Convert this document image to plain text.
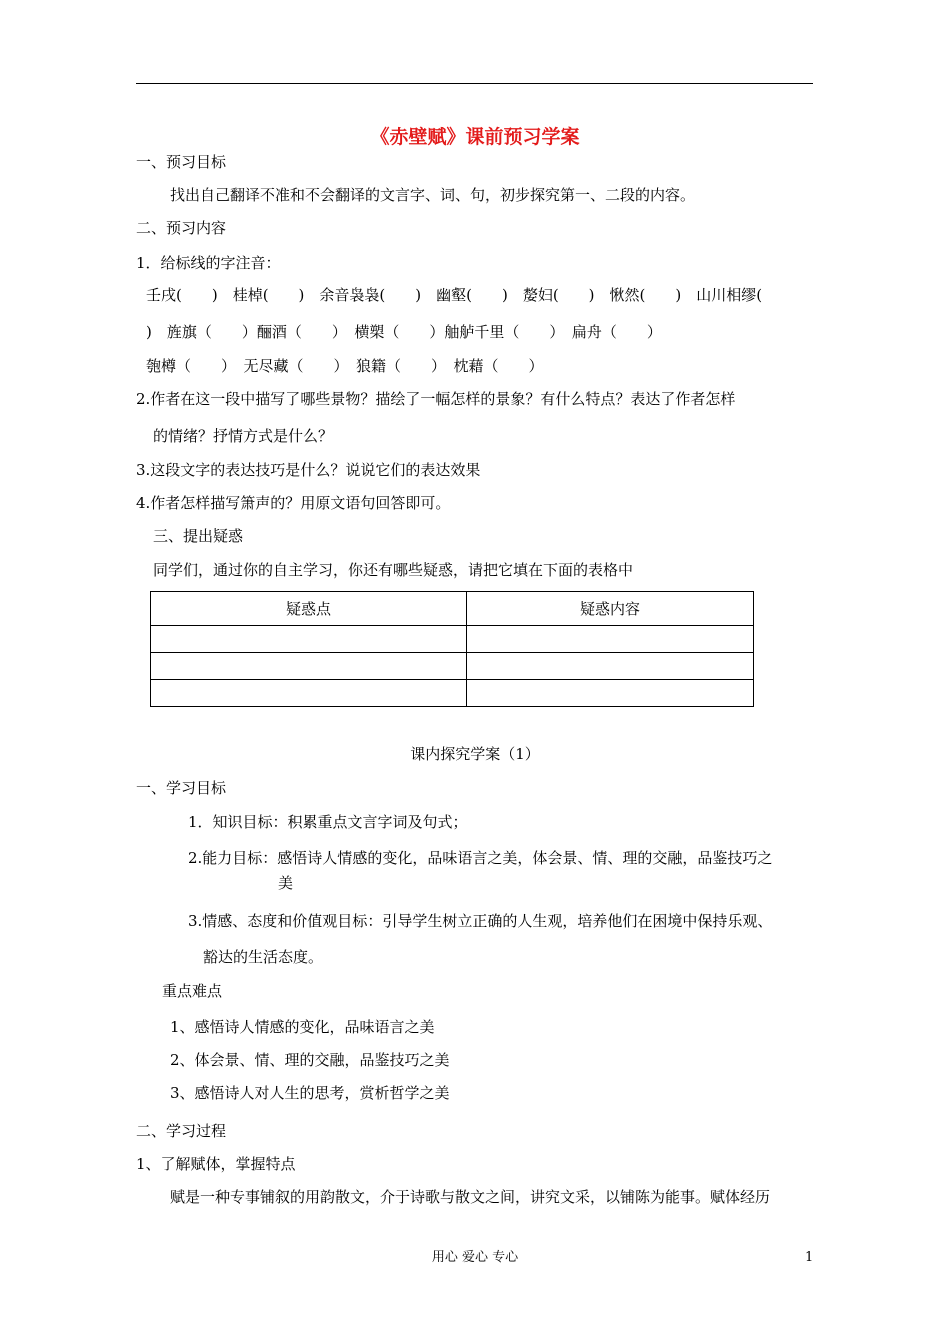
《赤壁赋》课前预习学案
一、预习目标
找出自己翻译不准和不会翻译的文言字、词、句，初步探究第一、二段的内容。
二、预习内容
1．给标线的字注音：
壬戌(　　)　桂棹(　　)　余音袅袅(　　)　幽壑(　　)　嫠妇(　　)　愀然(　　)　山川相缪(
)　旌旗（　　）酾酒（　　）　横槊（　　）舳舻千里（　　）　扁舟（　　）
匏樽（　　）　无尽藏（　　）　狼籍（　　）　枕藉（　　）
2.作者在这一段中描写了哪些景物？描绘了一幅怎样的景象？有什么特点？表达了作者怎样
的情绪？抒情方式是什么？
3.这段文字的表达技巧是什么？说说它们的表达效果
4.作者怎样描写箫声的？用原文语句回答即可。
三、提出疑惑
同学们，通过你的自主学习，你还有哪些疑惑，请把它填在下面的表格中
疑惑点	疑惑内容

课内探究学案（1）
一、学习目标
1．知识目标：积累重点文言字词及句式；
2.能力目标：感悟诗人情感的变化，品味语言之美，体会景、情、理的交融，品鉴技巧之
美
3.情感、态度和价值观目标：引导学生树立正确的人生观，培养他们在困境中保持乐观、
豁达的生活态度。
重点难点
1、感悟诗人情感的变化，品味语言之美
2、体会景、情、理的交融，品鉴技巧之美
3、感悟诗人对人生的思考，赏析哲学之美
二、学习过程
1、了解赋体，掌握特点
赋是一种专事铺叙的用韵散文，介于诗歌与散文之间，讲究文采，以铺陈为能事。赋体经历
用心 爱心 专心	1
